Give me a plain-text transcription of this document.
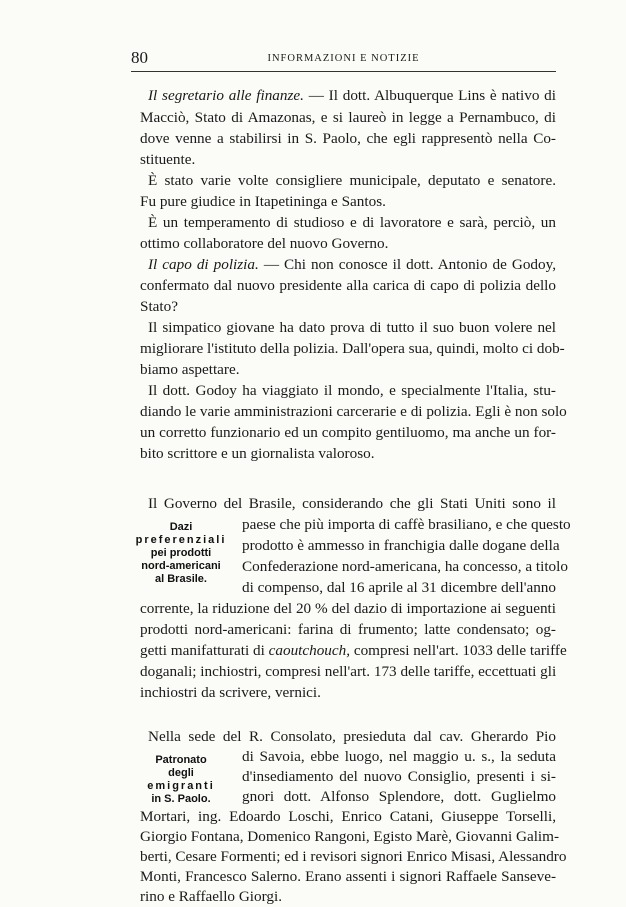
80	INFORMAZIONI E NOTIZIE
Il segretario alle finanze. — Il dott. Albuquerque Lins è nativo di
Macciò, Stato di Amazonas, e si laureò in legge a Pernambuco, di
dove venne a stabilirsi in S. Paolo, che egli rappresentò nella Co-
stituente.
È stato varie volte consigliere municipale, deputato e senatore.
Fu pure giudice in Itapetininga e Santos.
È un temperamento di studioso e di lavoratore e sarà, perciò, un
ottimo collaboratore del nuovo Governo.
Il capo di polizia. — Chi non conosce il dott. Antonio de Godoy,
confermato dal nuovo presidente alla carica di capo di polizia dello
Stato?
Il simpatico giovane ha dato prova di tutto il suo buon volere nel
migliorare l'istituto della polizia. Dall'opera sua, quindi, molto ci dob-
biamo aspettare.
Il dott. Godoy ha viaggiato il mondo, e specialmente l'Italia, stu-
diando le varie amministrazioni carcerarie e di polizia. Egli è non solo
un corretto funzionario ed un compito gentiluomo, ma anche un for-
bito scrittore e un giornalista valoroso.
Il Governo del Brasile, considerando che gli Stati Uniti sono il
Dazi
preferenziali
pei prodotti
nord-americani
al Brasile.
paese che più importa di caffè brasiliano, e che questo
prodotto è ammesso in franchigia dalle dogane della
Confederazione nord-americana, ha concesso, a titolo
di compenso, dal 16 aprile al 31 dicembre dell'anno
corrente, la riduzione del 20 % del dazio di importazione ai seguenti
prodotti nord-americani: farina di frumento; latte condensato; og-
getti manifatturati di caoutchouch, compresi nell'art. 1033 delle tariffe
doganali; inchiostri, compresi nell'art. 173 delle tariffe, eccettuati gli
inchiostri da scrivere, vernici.
Nella sede del R. Consolato, presieduta dal cav. Gherardo Pio
Patronato
degli
emigranti
in S. Paolo.
di Savoia, ebbe luogo, nel maggio u. s., la seduta
d'insediamento del nuovo Consiglio, presenti i si-
gnori dott. Alfonso Splendore, dott. Guglielmo
Mortari, ing. Edoardo Loschi, Enrico Catani, Giuseppe Torselli,
Giorgio Fontana, Domenico Rangoni, Egisto Marè, Giovanni Galim-
berti, Cesare Formenti; ed i revisori signori Enrico Misasi, Alessandro
Monti, Francesco Salerno. Erano assenti i signori Raffaele Sanseve-
rino e Raffaello Giorgi.
